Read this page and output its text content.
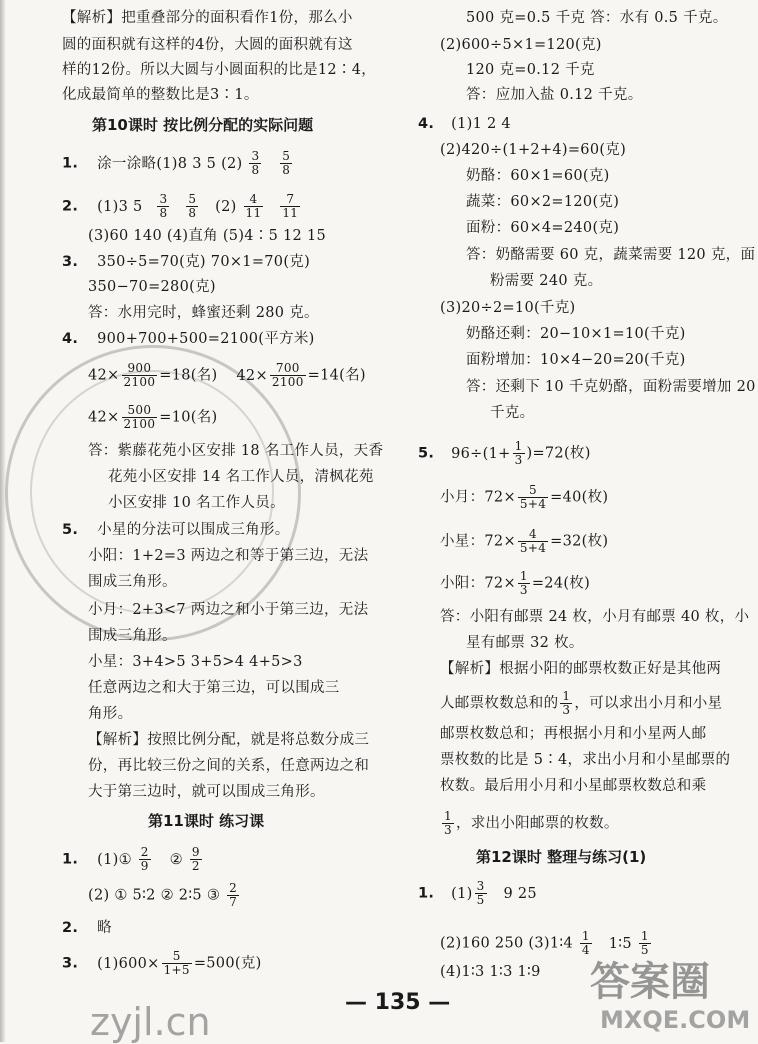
【解析】把重叠部分的面积看作1份，那么小
圆的面积就有这样的4份，大圆的面积就有这
样的12份。所以大圆与小圆面积的比是12∶4，
化成最简单的整数比是3∶1。
第10课时 按比例分配的实际问题
1. 涂一涂略(1)8 3 5 $(2) \frac{3}{8}$
$\frac{5}{8}$
2. (1)3 $5 \frac{3}{8}$
$\frac{5}{8} (2) \frac{4}{11}$
$\frac{7}{11}$
(3)60 140 (4)直角 (5)4∶5 12 15
3. 350÷5=70(克) 70×1=70(克)
350−70=280(克)
答：水用完时，蜂蜜还剩 280 克。
4. 900+700+500=2100(平方米)
$42\times \frac{900}{2100} =18$(名) $42\times \frac{700}{2100} =14$(名)
$42\times \frac{500}{2100} =10$(名)
答：紫藤花苑小区安排 18 名工作人员，天香
花苑小区安排 14 名工作人员，清枫花苑
小区安排 10 名工作人员。
5. 小星的分法可以围成三角形。
小阳：1+2=3 两边之和等于第三边，无法
围成三角形。
小月：2+3<7 两边之和小于第三边，无法
围成三角形。
小星：3+4>5 3+5>4 4+5>3
任意两边之和大于第三边，可以围成三
角形。
【解析】按照比例分配，就是将总数分成三
份，再比较三份之间的关系，任意两边之和
大于第三边时，就可以围成三角形。
第11课时 练习课
1. (1)① $\frac{2}{9}$ ② $\frac{9}{2}$
(2) ① 5∶2 ② 2∶5 ③ $\frac{2}{7}$
2. 略
3. $(1)600\times \frac{5}{1+5} =500$(克)
500 克=0.5 千克 答：水有 0.5 千克。
(2)600÷5×1=120(克)
120 克=0.12 千克
答：应加入盐 0.12 千克。
4. (1)1 2 4
(2)420÷(1+2+4)=60(克)
奶酪：60×1=60(克)
蔬菜：60×2=120(克)
面粉：60×4=240(克)
答：奶酪需要 60 克，蔬菜需要 120 克，面
粉需要 240 克。
(3)20÷2=10(千克)
奶酪还剩：20−10×1=10(千克)
面粉增加：10×4−20=20(千克)
答：还剩下 10 千克奶酪，面粉需要增加 20
千克。
5. $96\div(1+ \frac{1}{3} )=72$(枚)
小月：$72\times \frac{5}{5+4} =40$(枚)
小星：$72\times \frac{4}{5+4} =32$(枚)
小阳：$72\times \frac{1}{3} =24$(枚)
答：小阳有邮票 24 枚，小月有邮票 40 枚，小
星有邮票 32 枚。
【解析】根据小阳的邮票枚数正好是其他两
人邮票枚数总和的 $\frac{1}{3}$ ，可以求出小月和小星
邮票枚数总和；再根据小月和小星两人邮
票枚数的比是 5∶4，求出小月和小星邮票的
枚数。最后用小月和小星邮票枚数总和乘
$\frac{1}{3}$ ，求出小阳邮票的枚数。
第12课时 整理与练习(1)
1. $(1) \frac{3}{5} 9$ 25
(2)160 250 (3)1∶4 $\frac{1}{4}$ 1∶5 $\frac{1}{5}$
(4)1∶3 1∶3 1∶9
zyjl.cn
答案圈
MXQE.COM
— 135 —
